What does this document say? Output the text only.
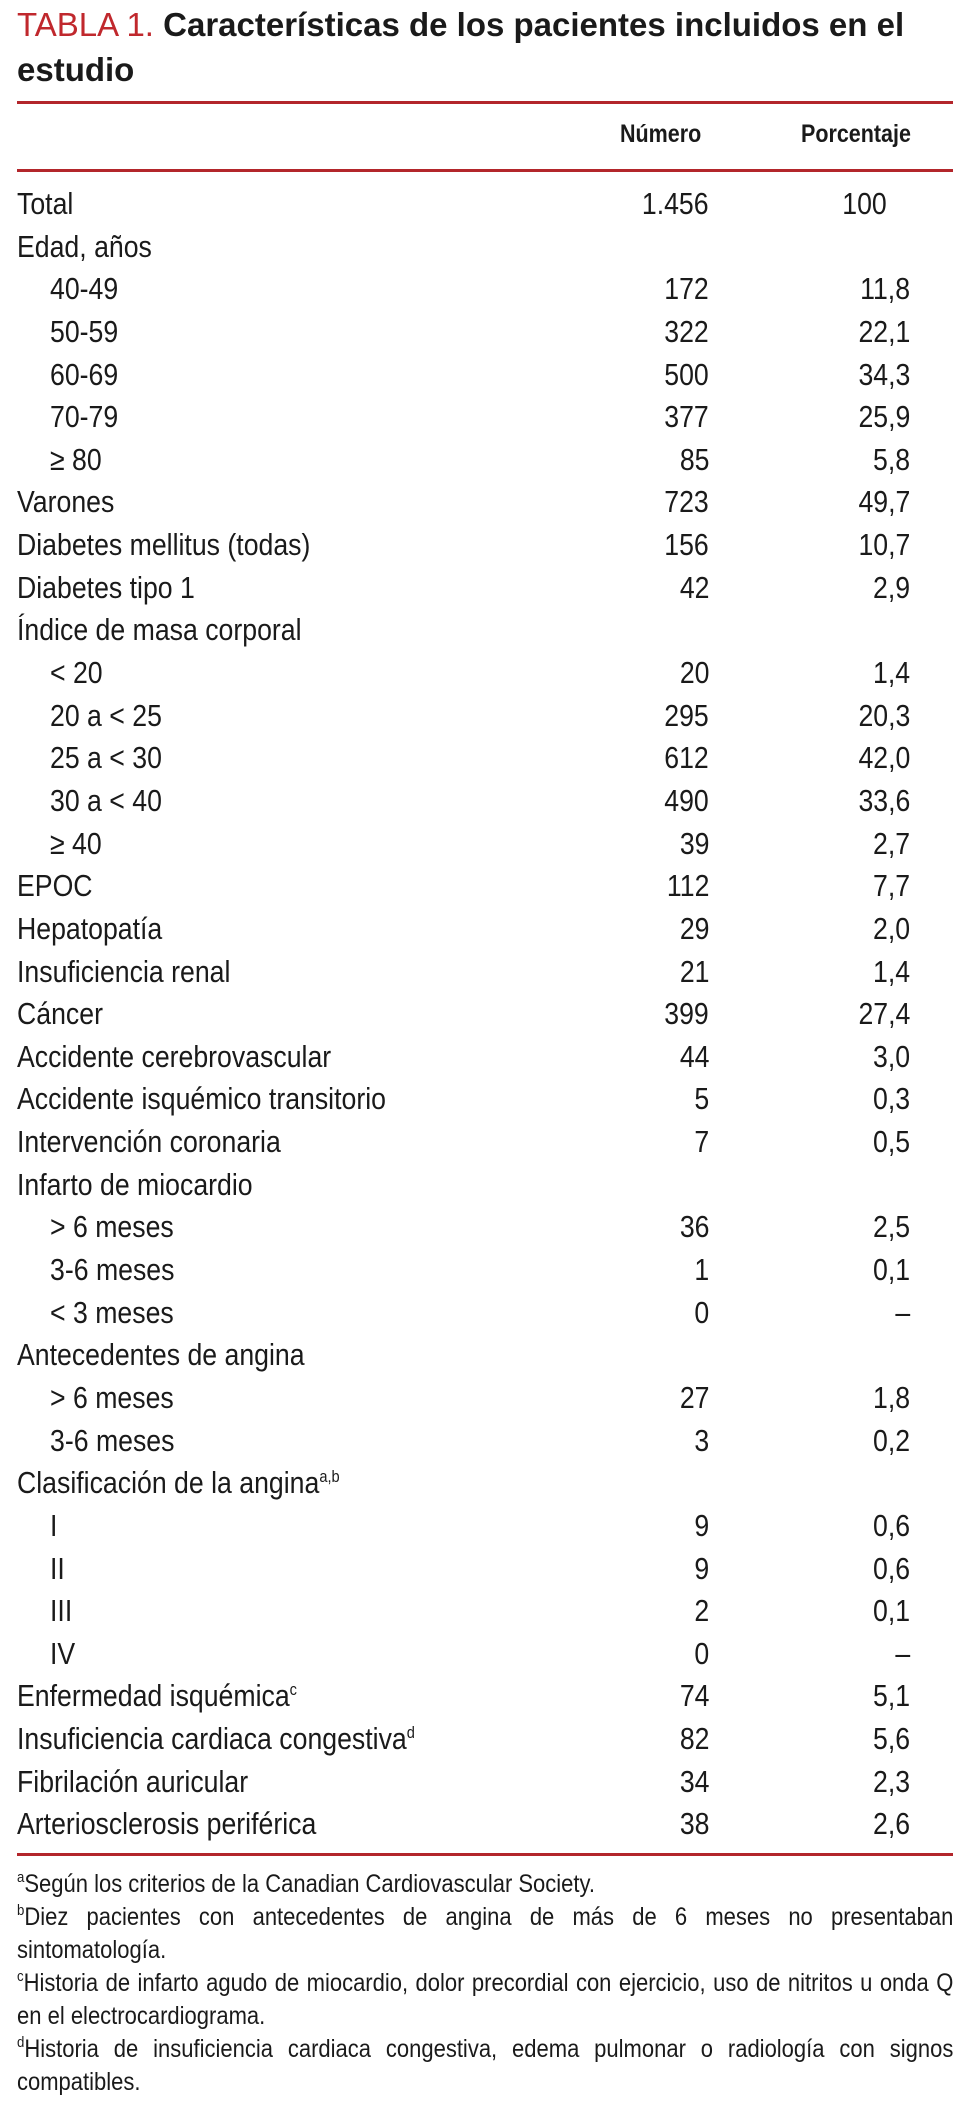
TABLA 1. Características de los pacientes incluidos en el estudio
Número	Porcentaje
Total	1.456	100
Edad, años
40-49	172	11,8
50-59	322	22,1
60-69	500	34,3
70-79	377	25,9
≥ 80	85	5,8
Varones	723	49,7
Diabetes mellitus (todas)	156	10,7
Diabetes tipo 1	42	2,9
Índice de masa corporal
< 20	20	1,4
20 a < 25	295	20,3
25 a < 30	612	42,0
30 a < 40	490	33,6
≥ 40	39	2,7
EPOC	112	7,7
Hepatopatía	29	2,0
Insuficiencia renal	21	1,4
Cáncer	399	27,4
Accidente cerebrovascular	44	3,0
Accidente isquémico transitorio	5	0,3
Intervención coronaria	7	0,5
Infarto de miocardio
> 6 meses	36	2,5
3-6 meses	1	0,1
< 3 meses	0	–
Antecedentes de angina
> 6 meses	27	1,8
3-6 meses	3	0,2
Clasificación de la angina$^{a,b}$
I	9	0,6
II	9	0,6
III	2	0,1
IV	0	–
Enfermedad isquémica$^c$	74	5,1
Insuficiencia cardiaca congestiva$^d$	82	5,6
Fibrilación auricular	34	2,3
Arteriosclerosis periférica	38	2,6

$^a$Según los criterios de la Canadian Cardiovascular Society.

$^b$Diez pacientes con antecedentes de angina de más de 6 meses no presentaban sintomatología.

$^c$Historia de infarto agudo de miocardio, dolor precordial con ejercicio, uso de nitritos u onda Q en el electrocardiograma.

$^d$Historia de insuficiencia cardiaca congestiva, edema pulmonar o radiología con signos compatibles.
